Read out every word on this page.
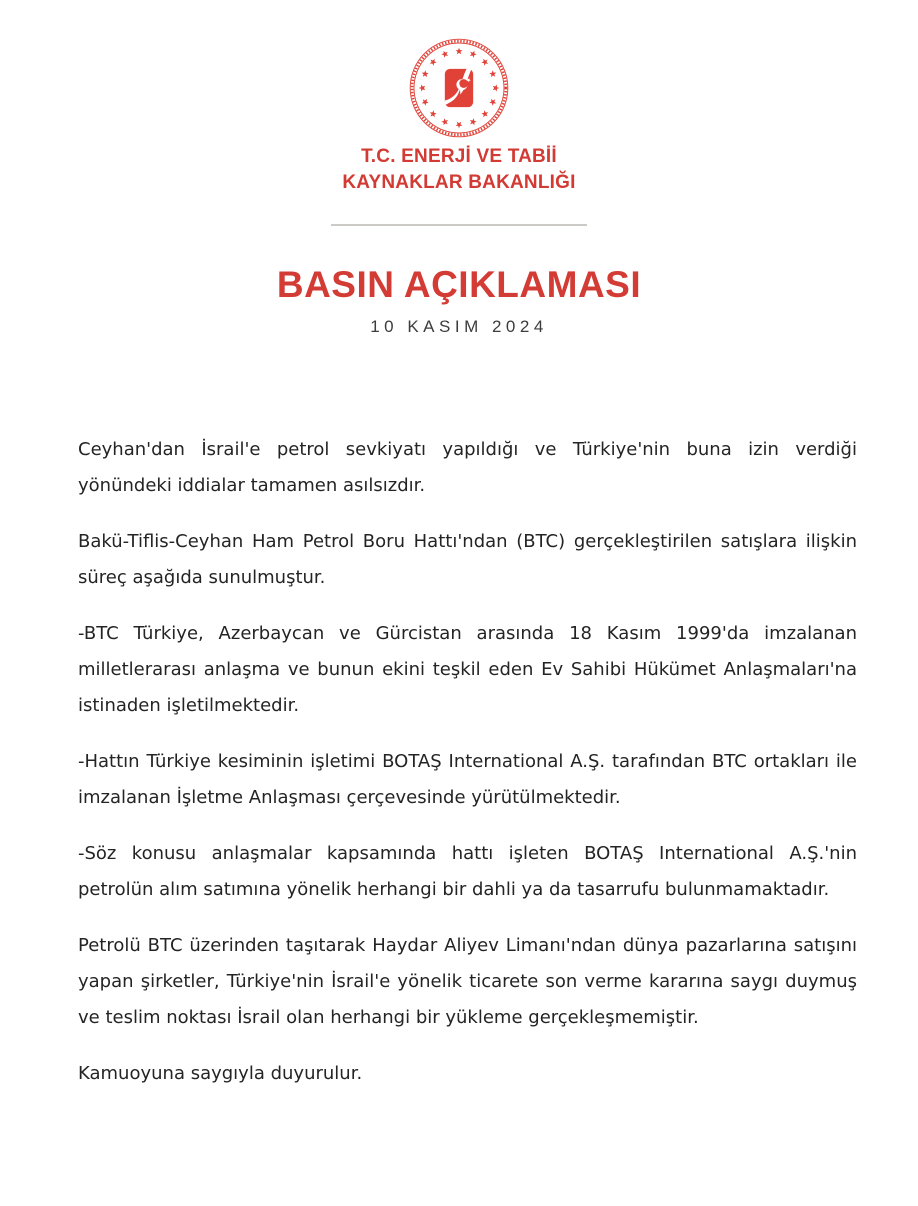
T.C. ENERJİ VE TABİİ
KAYNAKLAR BAKANLIĞI
BASIN AÇIKLAMASI
10 KASIM 2024

Ceyhan'dan İsrail'e petrol sevkiyatı yapıldığı ve Türkiye'nin buna izin verdiği yönündeki iddialar tamamen asılsızdır.

Bakü-Tiflis-Ceyhan Ham Petrol Boru Hattı'ndan (BTC) gerçekleştirilen satışlara ilişkin süreç aşağıda sunulmuştur.

-BTC Türkiye, Azerbaycan ve Gürcistan arasında 18 Kasım 1999'da imzalanan milletlerarası anlaşma ve bunun ekini teşkil eden Ev Sahibi Hükümet Anlaşmaları'na istinaden işletilmektedir.

-Hattın Türkiye kesiminin işletimi BOTAŞ International A.Ş. tarafından BTC ortakları ile imzalanan İşletme Anlaşması çerçevesinde yürütülmektedir.

-Söz konusu anlaşmalar kapsamında hattı işleten BOTAŞ International A.Ş.'nin petrolün alım satımına yönelik herhangi bir dahli ya da tasarrufu bulunmamaktadır.

Petrolü BTC üzerinden taşıtarak Haydar Aliyev Limanı'ndan dünya pazarlarına satışını yapan şirketler, Türkiye'nin İsrail'e yönelik ticarete son verme kararına saygı duymuş ve teslim noktası İsrail olan herhangi bir yükleme gerçekleşmemiştir.

Kamuoyuna saygıyla duyurulur.
